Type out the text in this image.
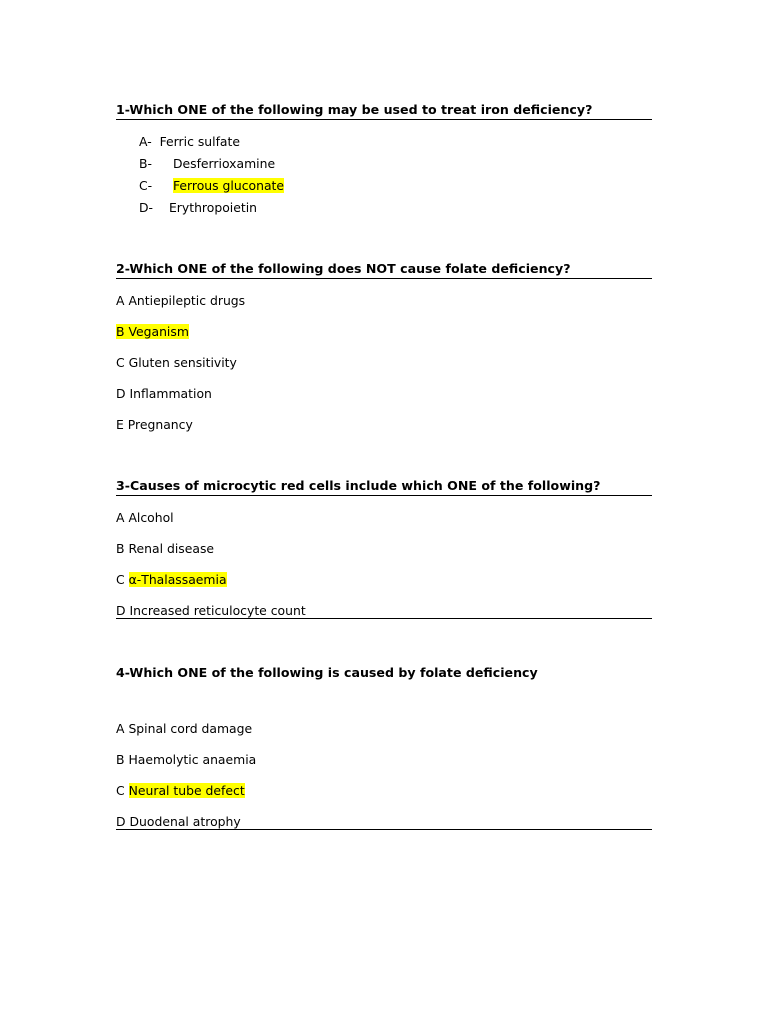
1-Which ONE of the following may be used to treat iron deficiency?
A- Ferric sulfate
B- Desferrioxamine
C- Ferrous gluconate
D- Erythropoietin
2-Which ONE of the following does NOT cause folate deficiency?
A Antiepileptic drugs
B Veganism
C Gluten sensitivity
D Inflammation
E Pregnancy
3-Causes of microcytic red cells include which ONE of the following?
A Alcohol
B Renal disease
C α-Thalassaemia
D Increased reticulocyte count
4-Which ONE of the following is caused by folate deficiency
A Spinal cord damage
B Haemolytic anaemia
C Neural tube defect
D Duodenal atrophy
